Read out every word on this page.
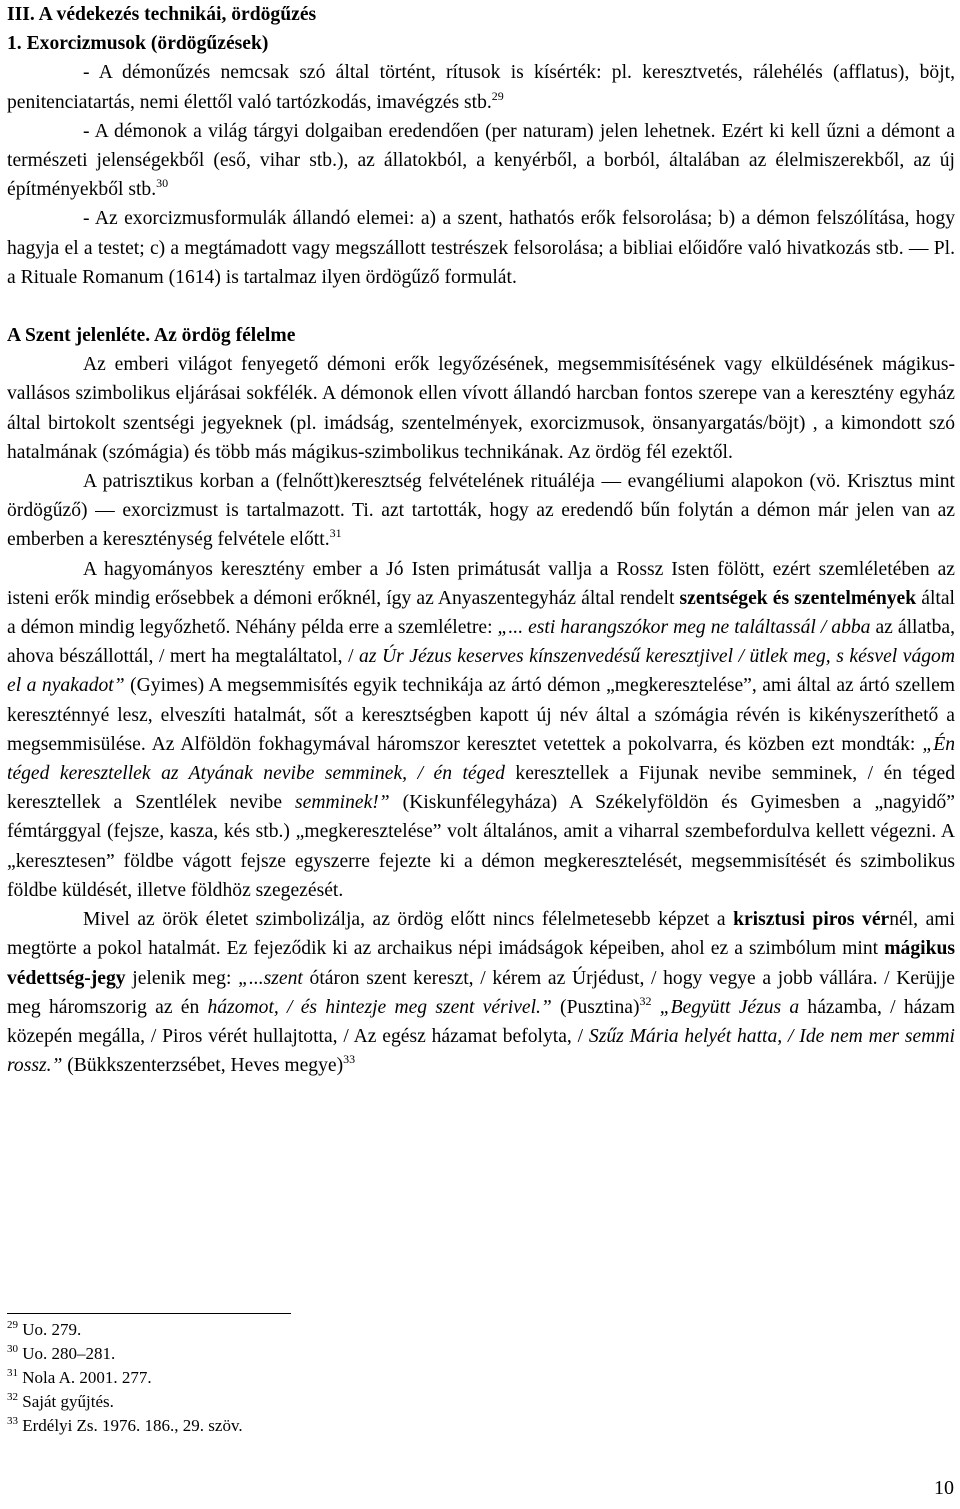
III. A védekezés technikái, ördögűzés

1. Exorcizmusok (ördögűzések)

- A démonűzés nemcsak szó által történt, rítusok is kísérték: pl. keresztvetés, rálehélés (afflatus), böjt, penitenciatartás, nemi élettől való tartózkodás, imavégzés stb.$^{29}$

- A démonok a világ tárgyi dolgaiban eredendően (per naturam) jelen lehetnek. Ezért ki kell űzni a démont a természeti jelenségekből (eső, vihar stb.), az állatokból, a kenyérből, a borból, általában az élelmiszerekből, az új építményekből stb.$^{30}$

- Az exorcizmusformulák állandó elemei: a) a szent, hathatós erők felsorolása; b) a démon felszólítása, hogy hagyja el a testet; c) a megtámadott vagy megszállott testrészek felsorolása; a bibliai előidőre való hivatkozás stb. — Pl. a Rituale Romanum (1614) is tartalmaz ilyen ördögűző formulát.

A Szent jelenléte. Az ördög félelme

Az emberi világot fenyegető démoni erők legyőzésének, megsemmisítésének vagy elküldésének mágikus-vallásos szimbolikus eljárásai sokfélék. A démonok ellen vívott állandó harcban fontos szerepe van a keresztény egyház által birtokolt szentségi jegyeknek (pl. imádság, szentelmények, exorcizmusok, önsanyargatás/böjt) , a kimondott szó hatalmának (szómágia) és több más mágikus-szimbolikus technikának. Az ördög fél ezektől.

A patrisztikus korban a (felnőtt)keresztség felvételének rituáléja — evangéliumi alapokon (vö. Krisztus mint ördögűző) — exorcizmust is tartalmazott. Ti. azt tartották, hogy az eredendő bűn folytán a démon már jelen van az emberben a kereszténység felvétele előtt.$^{31}$

A hagyományos keresztény ember a Jó Isten primátusát vallja a Rossz Isten fölött, ezért szemléletében az isteni erők mindig erősebbek a démoni erőknél, így az Anyaszentegyház által rendelt szentségek és szentelmények által a démon mindig legyőzhető. Néhány példa erre a szemléletre: „... esti harangszókor meg ne találtassál / abba az állatba, ahova bészállottál, / mert ha megtaláltatol, / az Úr Jézus keserves kínszenvedésű keresztjivel / ütlek meg, s késvel vágom el a nyakadot” (Gyimes) A megsemmisítés egyik technikája az ártó démon „megkeresztelése”, ami által az ártó szellem kereszténnyé lesz, elveszíti hatalmát, sőt a keresztségben kapott új név által a szómágia révén is kikényszeríthető a megsemmisülése. Az Alföldön fokhagymával háromszor keresztet vetettek a pokolvarra, és közben ezt mondták: „Én téged keresztellek az Atyának nevibe semminek, / én téged keresztellek a Fijunak nevibe semminek, / én téged keresztellek a Szentlélek nevibe semminek!” (Kiskunfélegyháza) A Székelyföldön és Gyimesben a „nagyidő” fémtárggyal (fejsze, kasza, kés stb.) „megkeresztelése” volt általános, amit a viharral szembefordulva kellett végezni. A „keresztesen” földbe vágott fejsze egyszerre fejezte ki a démon megkeresztelését, megsemmisítését és szimbolikus földbe küldését, illetve földhöz szegezését.

Mivel az örök életet szimbolizálja, az ördög előtt nincs félelmetesebb képzet a krisztusi piros vérnél, ami megtörte a pokol hatalmát. Ez fejeződik ki az archaikus népi imádságok képeiben, ahol ez a szimbólum mint mágikus védettség-jegy jelenik meg: „...szent ótáron szent kereszt, / kérem az Úrjédust, / hogy vegye a jobb vállára. / Kerüjje meg háromszorig az én házomot, / és hintezje meg szent vérivel.” (Pusztina)$^{32}$ „Begyütt Jézus a házamba, / házam közepén megálla, / Piros vérét hullajtotta, / Az egész házamat befolyta, / Szűz Mária helyét hatta, / Ide nem mer semmi rossz.” (Bükkszenterzsébet, Heves megye)$^{33}$

$^{29}$ Uo. 279.
$^{30}$ Uo. 280–281.
$^{31}$ Nola A. 2001. 277.
$^{32}$ Saját gyűjtés.
$^{33}$ Erdélyi Zs. 1976. 186., 29. szöv.
10
